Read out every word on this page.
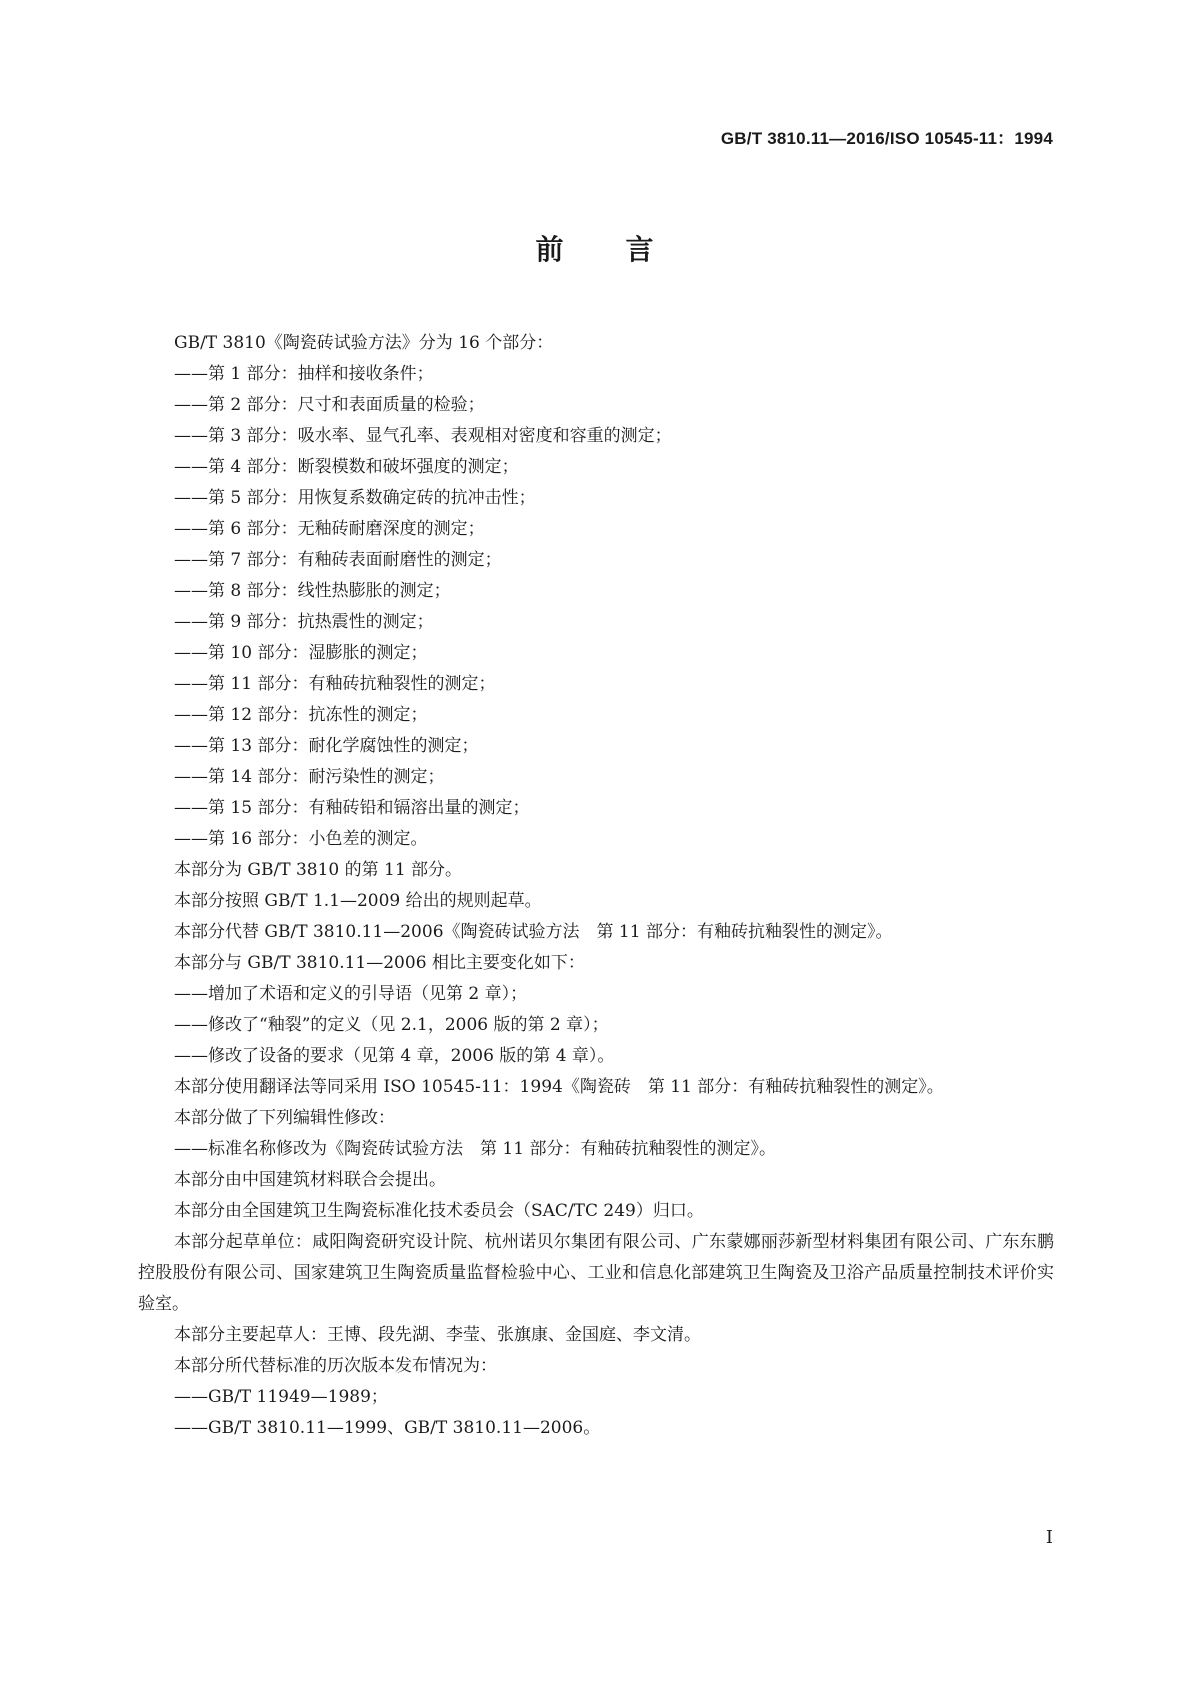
GB/T 3810.11—2016/ISO 10545-11：1994
前　　言
GB/T 3810《陶瓷砖试验方法》分为 16 个部分：
——第 1 部分：抽样和接收条件；
——第 2 部分：尺寸和表面质量的检验；
——第 3 部分：吸水率、显气孔率、表观相对密度和容重的测定；
——第 4 部分：断裂模数和破坏强度的测定；
——第 5 部分：用恢复系数确定砖的抗冲击性；
——第 6 部分：无釉砖耐磨深度的测定；
——第 7 部分：有釉砖表面耐磨性的测定；
——第 8 部分：线性热膨胀的测定；
——第 9 部分：抗热震性的测定；
——第 10 部分：湿膨胀的测定；
——第 11 部分：有釉砖抗釉裂性的测定；
——第 12 部分：抗冻性的测定；
——第 13 部分：耐化学腐蚀性的测定；
——第 14 部分：耐污染性的测定；
——第 15 部分：有釉砖铅和镉溶出量的测定；
——第 16 部分：小色差的测定。
本部分为 GB/T 3810 的第 11 部分。
本部分按照 GB/T 1.1—2009 给出的规则起草。
本部分代替 GB/T 3810.11—2006《陶瓷砖试验方法　第 11 部分：有釉砖抗釉裂性的测定》。
本部分与 GB/T 3810.11—2006 相比主要变化如下：
——增加了术语和定义的引导语（见第 2 章）；
——修改了“釉裂”的定义（见 2.1，2006 版的第 2 章）；
——修改了设备的要求（见第 4 章，2006 版的第 4 章）。
本部分使用翻译法等同采用 ISO 10545-11：1994《陶瓷砖　第 11 部分：有釉砖抗釉裂性的测定》。
本部分做了下列编辑性修改：
——标准名称修改为《陶瓷砖试验方法　第 11 部分：有釉砖抗釉裂性的测定》。
本部分由中国建筑材料联合会提出。
本部分由全国建筑卫生陶瓷标准化技术委员会（SAC/TC 249）归口。
本部分起草单位：咸阳陶瓷研究设计院、杭州诺贝尔集团有限公司、广东蒙娜丽莎新型材料集团有限公司、广东东鹏控股股份有限公司、国家建筑卫生陶瓷质量监督检验中心、工业和信息化部建筑卫生陶瓷及卫浴产品质量控制技术评价实验室。
本部分主要起草人：王博、段先湖、李莹、张旗康、金国庭、李文清。
本部分所代替标准的历次版本发布情况为：
——GB/T 11949—1989；
——GB/T 3810.11—1999、GB/T 3810.11—2006。
I
